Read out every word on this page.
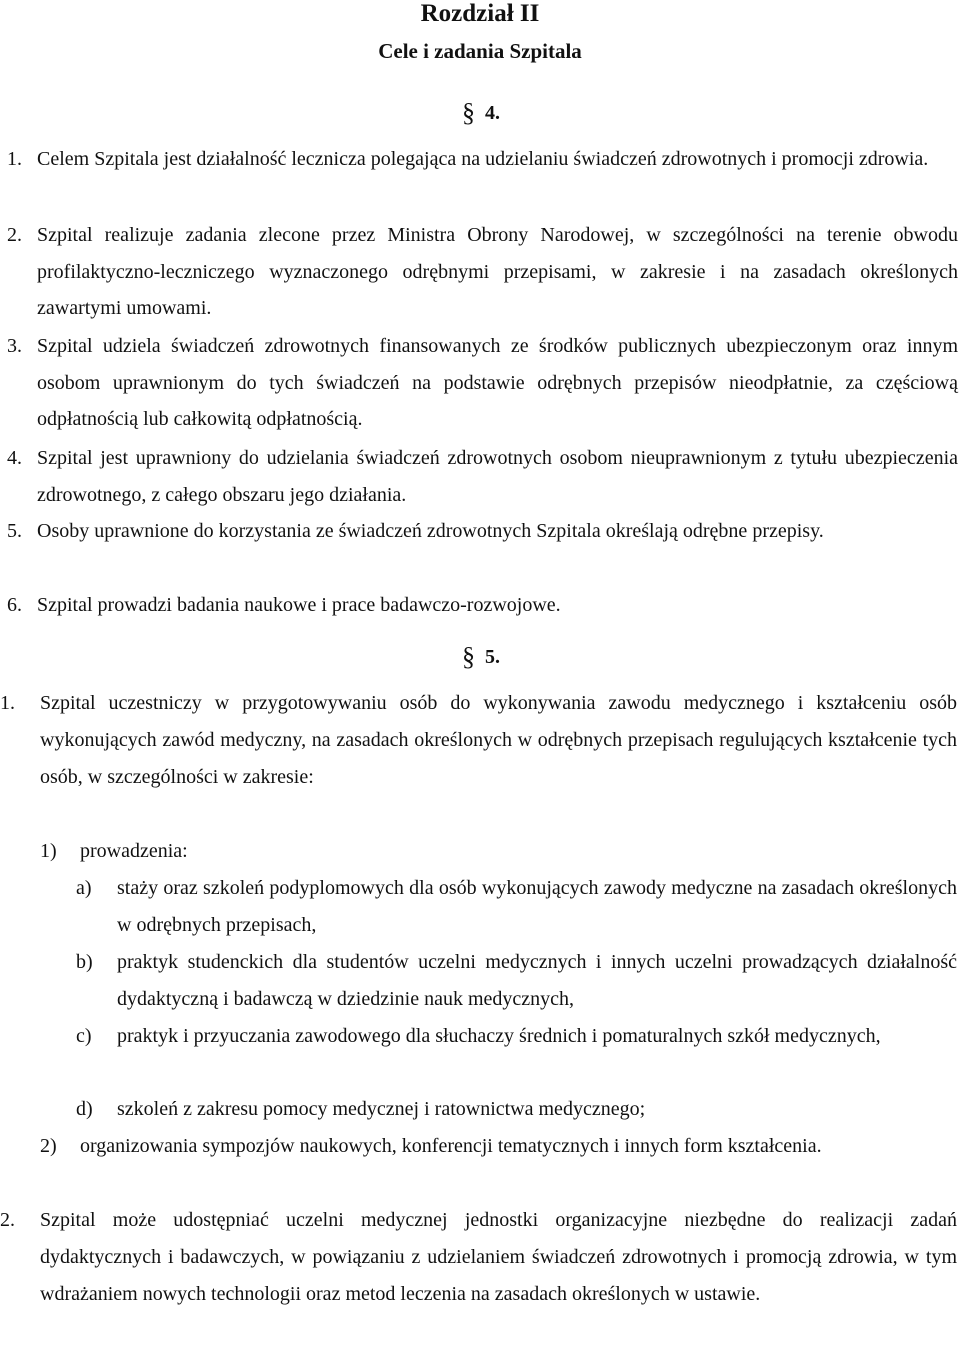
Rozdział II
Cele i zadania Szpitala
§ 4.
1. Celem Szpitala jest działalność lecznicza polegająca na udzielaniu świadczeń zdrowotnych i promocji zdrowia.
2. Szpital realizuje zadania zlecone przez Ministra Obrony Narodowej, w szczególności na terenie obwodu profilaktyczno-leczniczego wyznaczonego odrębnymi przepisami, w zakresie i na zasadach określonych zawartymi umowami.
3. Szpital udziela świadczeń zdrowotnych finansowanych ze środków publicznych ubezpieczonym oraz innym osobom uprawnionym do tych świadczeń na podstawie odrębnych przepisów nieodpłatnie, za częściową odpłatnością lub całkowitą odpłatnością.
4. Szpital jest uprawniony do udzielania świadczeń zdrowotnych osobom nieuprawnionym z tytułu ubezpieczenia zdrowotnego, z całego obszaru jego działania.
5. Osoby uprawnione do korzystania ze świadczeń zdrowotnych Szpitala określają odrębne przepisy.
6. Szpital prowadzi badania naukowe i prace badawczo-rozwojowe.
§ 5.
1. Szpital uczestniczy w przygotowywaniu osób do wykonywania zawodu medycznego i kształceniu osób wykonujących zawód medyczny, na zasadach określonych w odrębnych przepisach regulujących kształcenie tych osób, w szczególności w zakresie:
1) prowadzenia:
a) staży oraz szkoleń podyplomowych dla osób wykonujących zawody medyczne na zasadach określonych w odrębnych przepisach,
b) praktyk studenckich dla studentów uczelni medycznych i innych uczelni prowadzących działalność dydaktyczną i badawczą w dziedzinie nauk medycznych,
c) praktyk i przyuczania zawodowego dla słuchaczy średnich i pomaturalnych szkół medycznych,
d) szkoleń z zakresu pomocy medycznej i ratownictwa medycznego;
2) organizowania sympozjów naukowych, konferencji tematycznych i innych form kształcenia.
2. Szpital może udostępniać uczelni medycznej jednostki organizacyjne niezbędne do realizacji zadań dydaktycznych i badawczych, w powiązaniu z udzielaniem świadczeń zdrowotnych i promocją zdrowia, w tym wdrażaniem nowych technologii oraz metod leczenia na zasadach określonych w ustawie.
